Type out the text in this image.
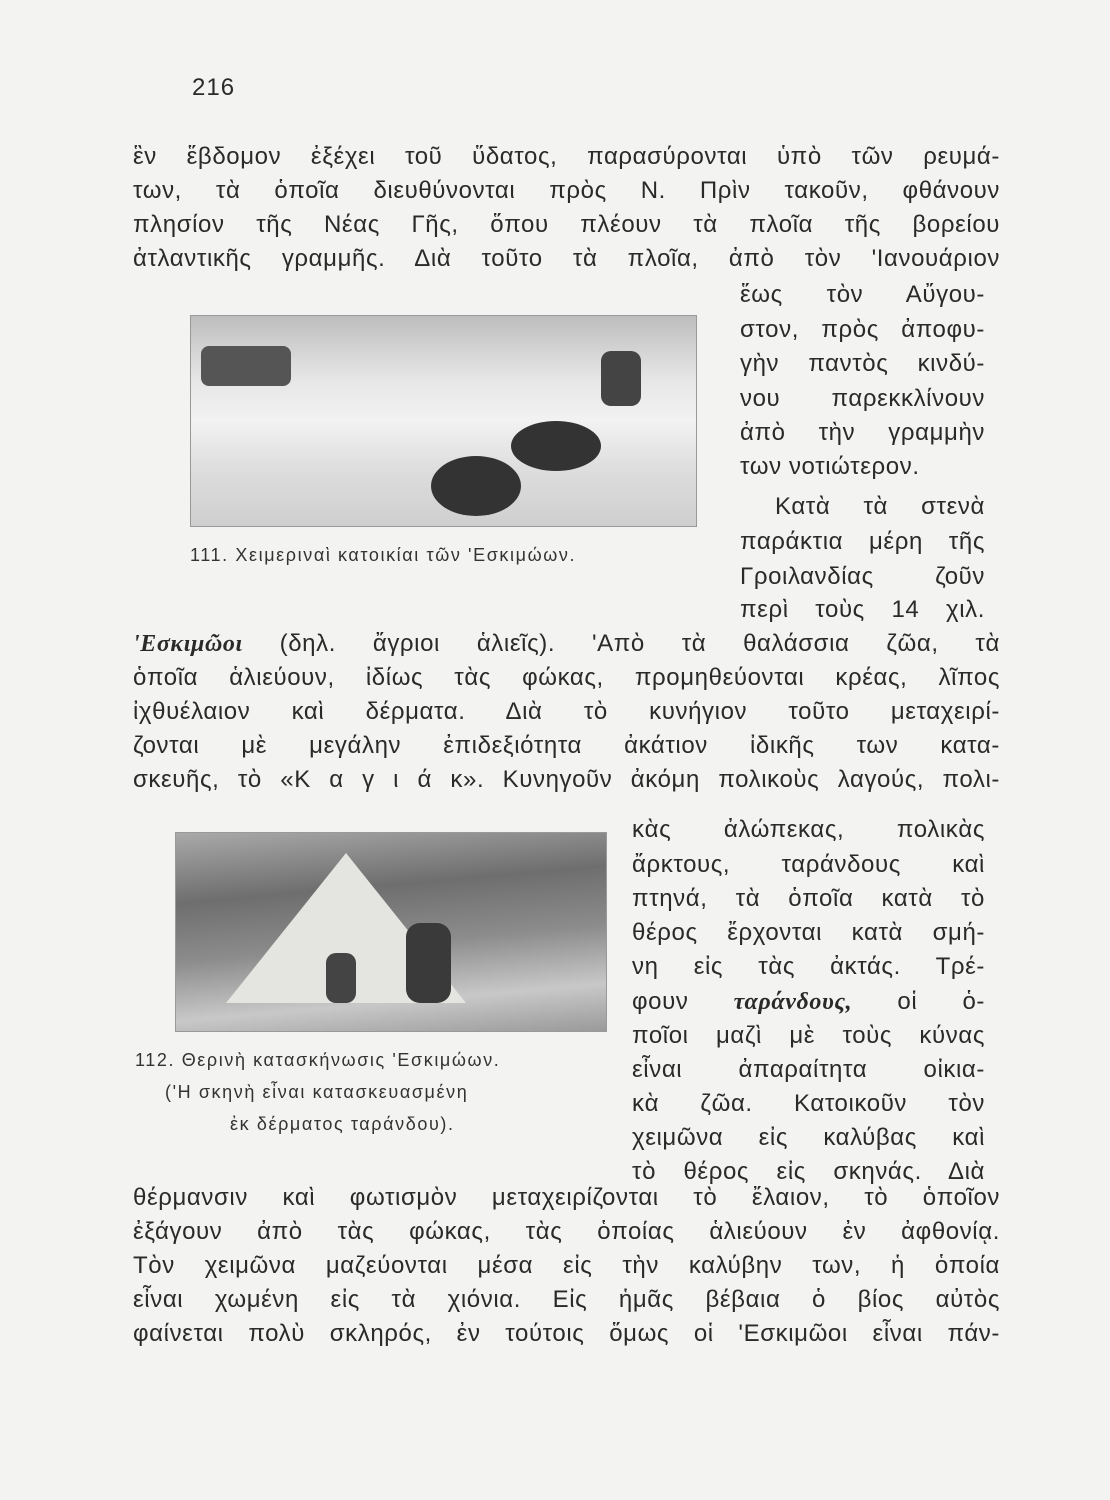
216
111. Χειμεριναὶ κατοικίαι τῶν 'Εσκιμώων.
112. Θερινὴ κατασκήνωσις 'Εσκιμώων.
('Η σκηνὴ εἶναι κατασκευασμένη
ἐκ δέρματος ταράνδου).
ἓν ἕβδομον ἐξέχει τοῦ ὕδατος, παρασύρονται ὑπὸ τῶν ρευμά-
των, τὰ ὁποῖα διευθύνονται πρὸς Ν. Πρὶν τακοῦν, φθάνουν
πλησίον τῆς Νέας Γῆς, ὅπου πλέουν τὰ πλοῖα τῆς βορείου
ἀτλαντικῆς γραμμῆς. Διὰ τοῦτο τὰ πλοῖα, ἀπὸ τὸν 'Ιανουάριον
ἕως τὸν Αὔγου-
στον, πρὸς ἀποφυ-
γὴν παντὸς κινδύ-
νου παρεκκλίνουν
ἀπὸ τὴν γραμμὴν
των νοτιώτερον.
Κατὰ τὰ στενὰ
παράκτια μέρη τῆς
Γροιλανδίας ζοῦν
περὶ τοὺς 14 χιλ.
'Εσκιμῶοι (δηλ. ἄγριοι ἁλιεῖς). 'Απὸ τὰ θαλάσσια ζῶα, τὰ
ὁποῖα ἁλιεύουν, ἰδίως τὰς φώκας, προμηθεύονται κρέας, λῖπος
ἰχθυέλαιον καὶ δέρματα. Διὰ τὸ κυνήγιον τοῦτο μεταχειρί-
ζονται μὲ μεγάλην ἐπιδεξιότητα ἀκάτιον ἰδικῆς των κατα-
σκευῆς, τὸ «Κ α γ ι ά κ». Κυνηγοῦν ἀκόμη πολικοὺς λαγούς, πολι-
κὰς ἀλώπεκας, πολικὰς
ἄρκτους, ταράνδους καὶ
πτηνά, τὰ ὁποῖα κατὰ τὸ
θέρος ἔρχονται κατὰ σμή-
νη εἰς τὰς ἀκτάς. Τρέ-
ποῖοι μαζὶ μὲ τοὺς κύνας
εἶναι ἀπαραίτητα οἰκια-
κὰ ζῶα. Κατοικοῦν τὸν
χειμῶνα εἰς καλύβας καὶ
τὸ θέρος εἰς σκηνάς. Διὰ
φουν ταράνδους, οἱ ὁ-
θέρμανσιν καὶ φωτισμὸν μεταχειρίζονται τὸ ἔλαιον, τὸ ὁποῖον
ἐξάγουν ἀπὸ τὰς φώκας, τὰς ὁποίας ἁλιεύουν ἐν ἀφθονίᾳ.
Τὸν χειμῶνα μαζεύονται μέσα εἰς τὴν καλύβην των, ἡ ὁποία
εἶναι χωμένη εἰς τὰ χιόνια. Εἰς ἡμᾶς βέβαια ὁ βίος αὐτὸς
φαίνεται πολὺ σκληρός, ἐν τούτοις ὅμως οἱ 'Εσκιμῶοι εἶναι πάν-
